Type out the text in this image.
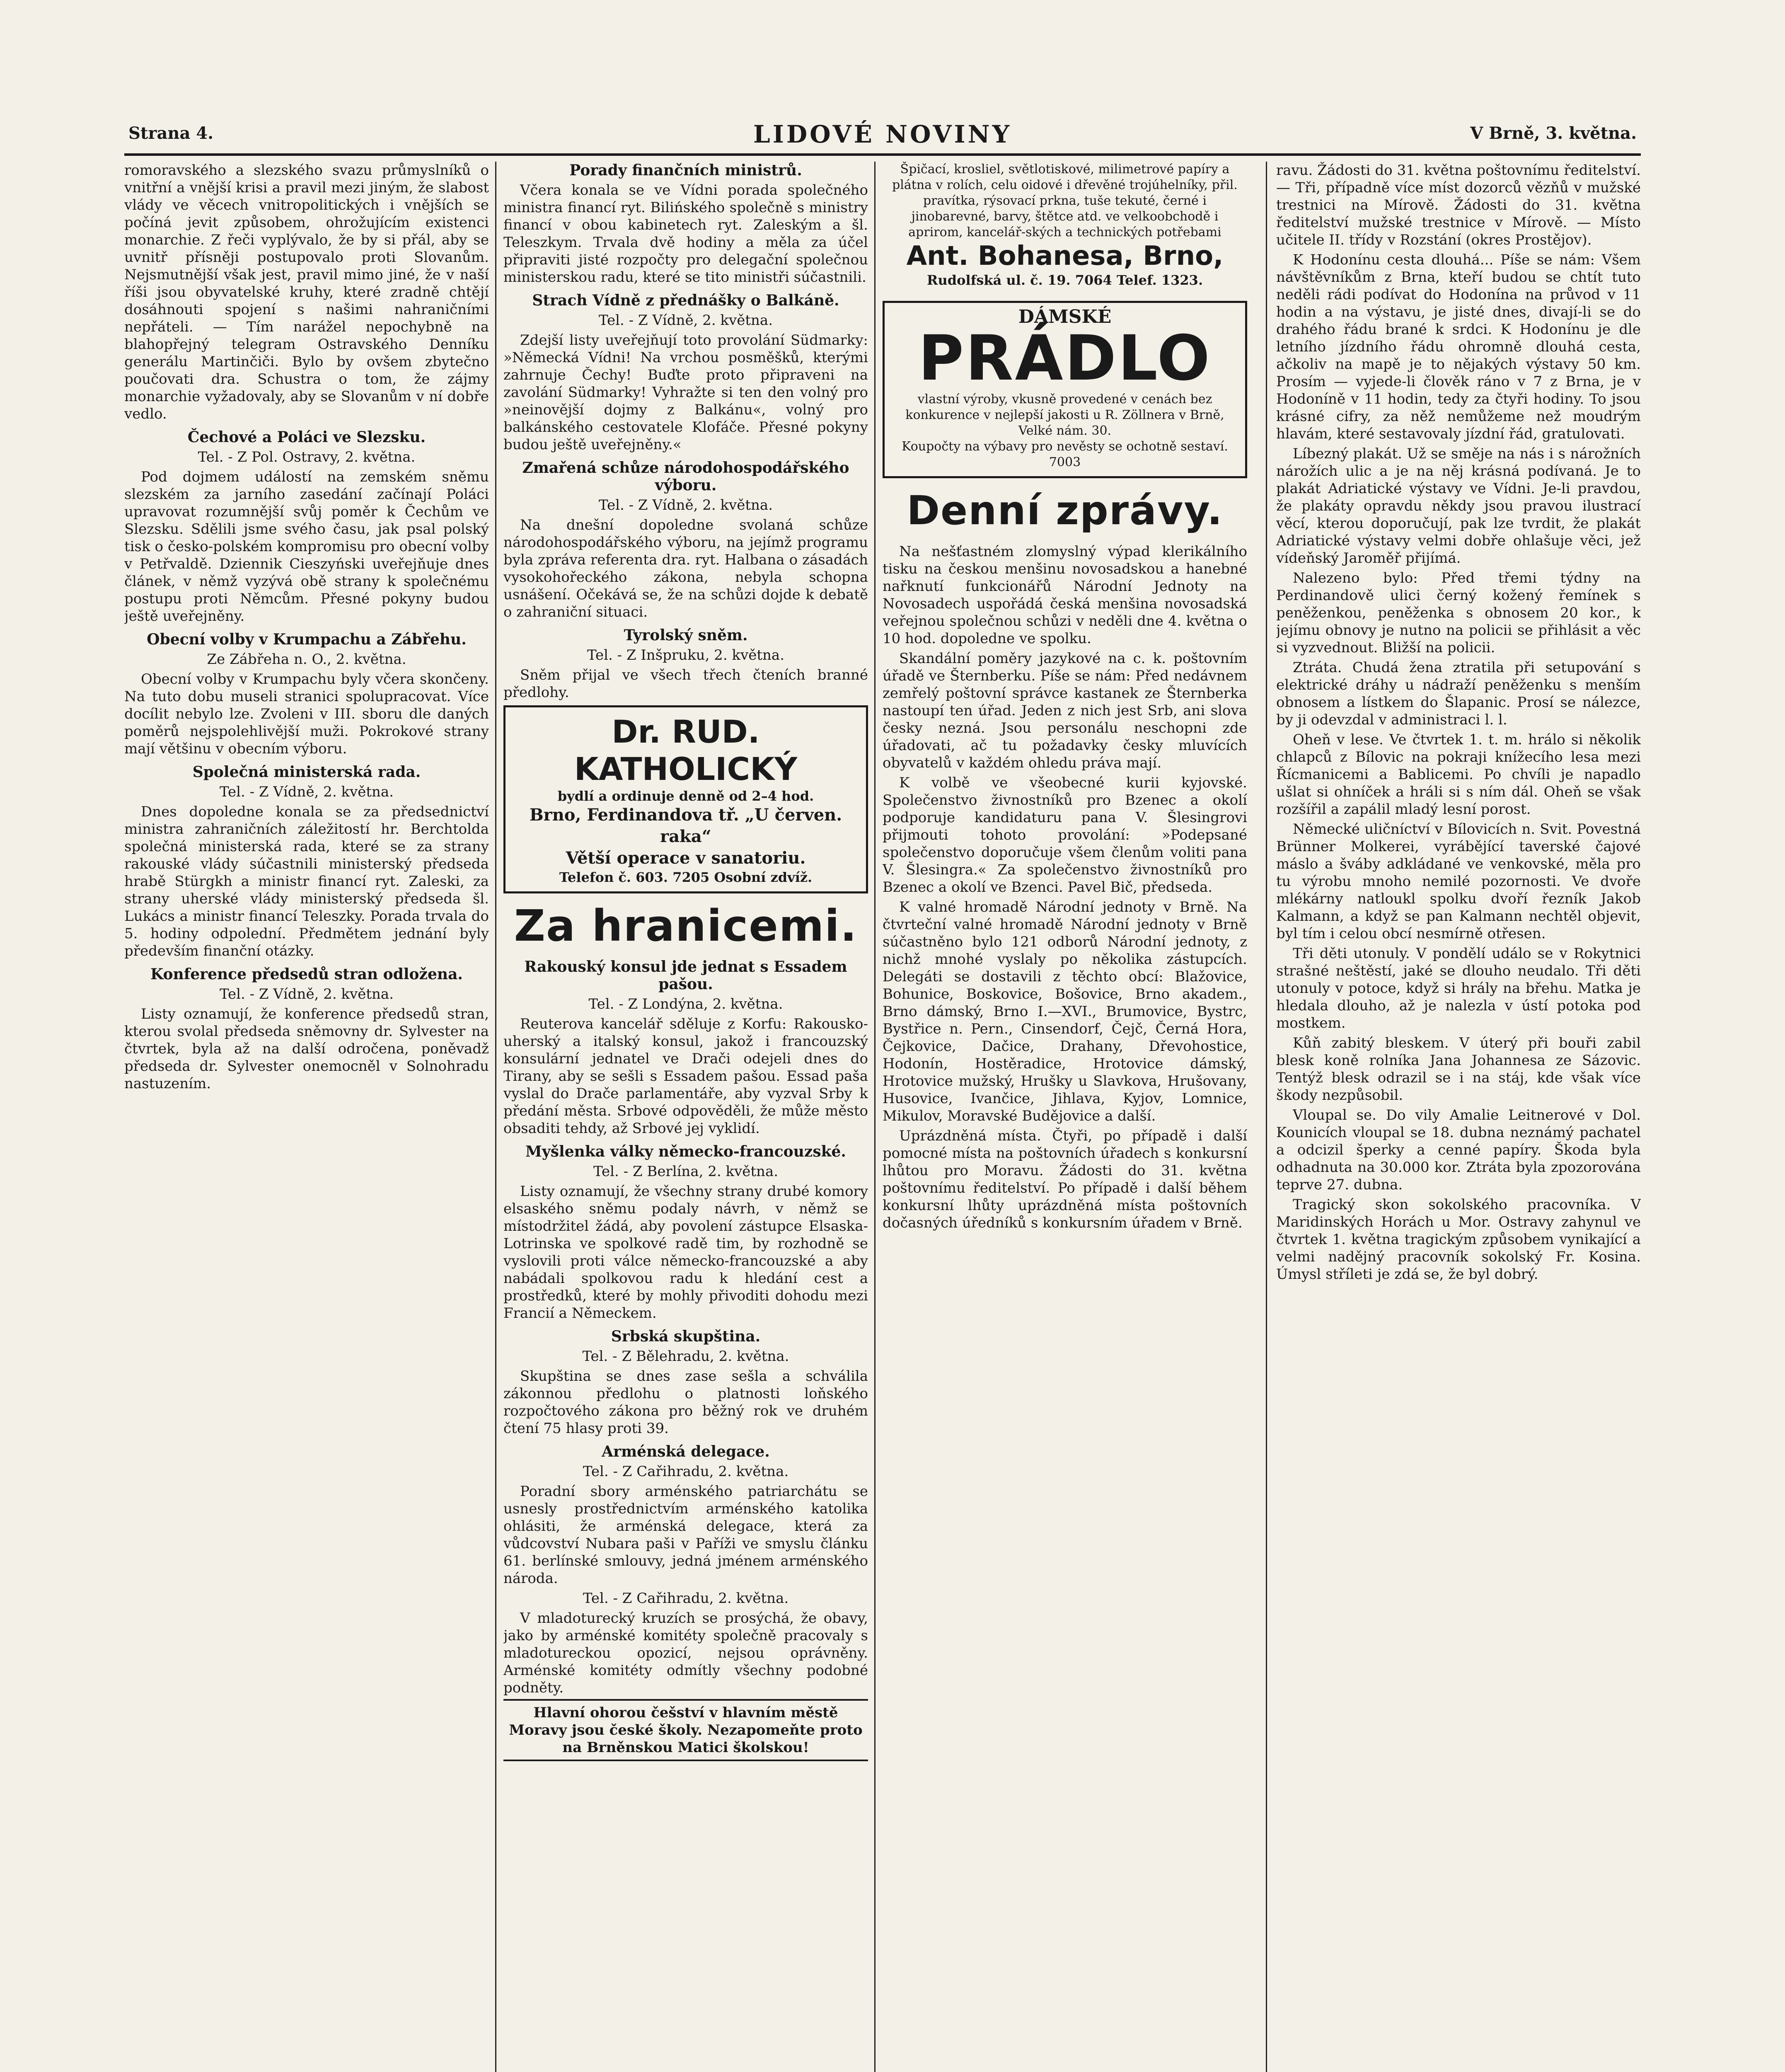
Strana 4.	LIDOVÉ NOVINY	V Brně, 3. května.

romoravského a slezského svazu průmyslníků o vnitřní a vnější krisi a pravil mezi jiným, že slabost vlády ve věcech vnitropolitických i vnějších se počíná jevit způsobem, ohrožujícím existenci monarchie. Z řeči vyplývalo, že by si přál, aby se uvnitř přísněji postupovalo proti Slovanům. Nejsmutnější však jest, pravil mimo jiné, že v naší říši jsou obyvatelské kruhy, které zradně chtějí dosáhnouti spojení s našimi nahraničními nepřáteli. — Tím narážel nepochybně na blahopřejný telegram Ostravského Denníku generálu Martinčiči. Bylo by ovšem zbytečno poučovati dra. Schustra o tom, že zájmy monarchie vyžadovaly, aby se Slovanům v ní dobře vedlo.

Čechové a Poláci ve Slezsku.
Tel. - Z Pol. Ostravy, 2. května.

Pod dojmem událostí na zemském sněmu slezském za jarního zasedání začínají Poláci upravovat rozumnější svůj poměr k Čechům ve Slezsku. Sdělili jsme svého času, jak psal polský tisk o česko-polském kompromisu pro obecní volby v Petřvaldě. Dziennik Cieszyński uveřejňuje dnes článek, v němž vyzývá obě strany k společnému postupu proti Němcům. Přesné pokyny budou ještě uveřejněny.

Obecní volby v Krumpachu a Zábřehu.
Ze Zábřeha n. O., 2. května.

Obecní volby v Krumpachu byly včera skončeny. Na tuto dobu museli stranici spolupracovat. Více docílit nebylo lze. Zvoleni v III. sboru dle daných poměrů nejspolehlivější muži. Pokrokové strany mají většinu v obecním výboru.

Společná ministerská rada.
Tel. - Z Vídně, 2. května.

Dnes dopoledne konala se za předsednictví ministra zahraničních záležitostí hr. Berchtolda společná ministerská rada, které se za strany rakouské vlády súčastnili ministerský předseda hrabě Stürgkh a ministr financí ryt. Zaleski, za strany uherské vlády ministerský předseda šl. Lukács a ministr financí Teleszky. Porada trvala do 5. hodiny odpolední. Předmětem jednání byly především finanční otázky.

Konference předsedů stran odložena.
Tel. - Z Vídně, 2. května.

Listy oznamují, že konference předsedů stran, kterou svolal předseda sněmovny dr. Sylvester na čtvrtek, byla až na další odročena, poněvadž předseda dr. Sylvester onemocněl v Solnohradu nastuzením.

Porady finančních ministrů.

Včera konala se ve Vídni porada společného ministra financí ryt. Bilińského společně s ministry financí v obou kabinetech ryt. Zaleským a šl. Teleszkym. Trvala dvě hodiny a měla za účel připraviti jisté rozpočty pro delegační společnou ministerskou radu, které se tito ministři súčastnili.

Strach Vídně z přednášky o Balkáně.
Tel. - Z Vídně, 2. května.

Zdejší listy uveřejňují toto provolání Südmarky: »Německá Vídni! Na vrchou posměšků, kterými zahrnuje Čechy! Buďte proto připraveni na zavolání Südmarky! Vyhražte si ten den volný pro »neinovější dojmy z Balkánu«, volný pro balkánského cestovatele Klofáče. Přesné pokyny budou ještě uveřejněny.«

Zmařená schůze národohospodářského výboru.
Tel. - Z Vídně, 2. května.

Na dnešní dopoledne svolaná schůze národohospodářského výboru, na jejímž programu byla zpráva referenta dra. ryt. Halbana o zásadách vysokohořeckého zákona, nebyla schopna usnášení. Očekává se, že na schůzi dojde k debatě o zahraniční situaci.

Tyrolský sněm.
Tel. - Z Inšpruku, 2. května.

Sněm přijal ve všech třech čteních branné předlohy.

Dr. RUD. KATHOLICKÝ
bydlí a ordinuje denně od 2–4 hod.
Brno, Ferdinandova tř. „U červen. raka“
Větší operace v sanatoriu.
Telefon č. 603. 7205 Osobní zdvíž.
Za hranicemi.
Rakouský konsul jde jednat s Essadem pašou.
Tel. - Z Londýna, 2. května.

Reuterova kancelář sděluje z Korfu: Rakousko-uherský a italský konsul, jakož i francouzský konsulární jednatel ve Drači odejeli dnes do Tirany, aby se sešli s Essadem pašou. Essad paša vyslal do Drače parlamentáře, aby vyzval Srby k předání města. Srbové odpověděli, že může město obsaditi tehdy, až Srbové jej vyklidí.

Myšlenka války německo-francouzské.
Tel. - Z Berlína, 2. května.

Listy oznamují, že všechny strany drubé komory elsaského sněmu podaly návrh, v němž se místodržitel žádá, aby povolení zástupce Elsaska-Lotrinska ve spolkové radě tim, by rozhodně se vyslovili proti válce německo-francouzské a aby nabádali spolkovou radu k hledání cest a prostředků, které by mohly přivoditi dohodu mezi Francií a Německem.

Srbská skupština.
Tel. - Z Bělehradu, 2. května.

Skupština se dnes zase sešla a schválila zákonnou předlohu o platnosti loňského rozpočtového zákona pro běžný rok ve druhém čtení 75 hlasy proti 39.

Arménská delegace.
Tel. - Z Cařihradu, 2. května.

Poradní sbory arménského patriarchátu se usnesly prostřednictvím arménského katolika ohlásiti, že arménská delegace, která za vůdcovství Nubara paši v Paříži ve smyslu článku 61. berlínské smlouvy, jedná jménem arménského národa.

Tel. - Z Cařihradu, 2. května.

V mladoturecký kruzích se prosýchá, že obavy, jako by arménské komitéty společně pracovaly s mladotureckou opozicí, nejsou oprávněny. Arménské komitéty odmítly všechny podobné podněty.

Hlavní ohorou češství v hlavním městě Moravy jsou české školy. Nezapomeňte proto na Brněnskou Matici školskou!
Špičací, krosliel, světlotiskové, milimetrové papíry a plátna v rolích, celu oidové i dřevěné trojúhelníky, přil. pravítka, rýsovací prkna, tuše tekuté, černé i jinobarevné, barvy, štětce atd. ve velkoobchodě i aprirom, kancelář-ských a technických potřebami
Ant. Bohanesa, Brno,
Rudolfská ul. č. 19. 7064 Telef. 1323.
DÁMSKÉ
PRÁDLO
vlastní výroby, vkusně provedené v cenách bez konkurence v nejlepší jakosti u R. Zöllnera v Brně, Velké nám. 30.
Koupočty na výbavy pro nevěsty se ochotně sestaví. 7003
Denní zprávy.

Na nešťastném zlomyslný výpad klerikálního tisku na českou menšinu novosadskou a hanebné nařknutí funkcionářů Národní Jednoty na Novosadech uspořádá česká menšina novosadská veřejnou společnou schůzi v neděli dne 4. května o 10 hod. dopoledne ve spolku.

Skandální poměry jazykové na c. k. poštovním úřadě ve Šternberku. Píše se nám: Před nedávnem zemřelý poštovní správce kastanek ze Šternberka nastoupí ten úřad. Jeden z nich jest Srb, ani slova česky nezná. Jsou personálu neschopni zde úřadovati, ač tu požadavky česky mluvících obyvatelů v každém ohledu práva mají.

K volbě ve všeobecné kurii kyjovské. Společenstvo živnostníků pro Bzenec a okolí podporuje kandidaturu pana V. Šlesingrovi přijmouti tohoto provolání: »Podepsané společenstvo doporučuje všem členům voliti pana V. Šlesingra.« Za společenstvo živnostníků pro Bzenec a okolí ve Bzenci. Pavel Bič, předseda.

K valné hromadě Národní jednoty v Brně. Na čtvrteční valné hromadě Národní jednoty v Brně súčastněno bylo 121 odborů Národní jednoty, z nichž mnohé vyslaly po několika zástupcích. Delegáti se dostavili z těchto obcí: Blažovice, Bohunice, Boskovice, Bošovice, Brno akadem., Brno dámský, Brno I.—XVI., Brumovice, Bystrc, Bystřice n. Pern., Cinsendorf, Čejč, Černá Hora, Čejkovice, Dačice, Drahany, Dřevohostice, Hodonín, Hostěradice, Hrotovice dámský, Hrotovice mužský, Hrušky u Slavkova, Hrušovany, Husovice, Ivančice, Jihlava, Kyjov, Lomnice, Mikulov, Moravské Budějovice a další.

Uprázdněná místa. Čtyři, po případě i další pomocné místa na poštovních úřadech s konkursní lhůtou pro Moravu. Žádosti do 31. května poštovnímu ředitelství. Po případě i další během konkursní lhůty uprázdněná místa poštovních dočasných úředníků s konkursním úřadem v Brně.

ravu. Žádosti do 31. května poštovnímu ředitelství. — Tři, případně více míst dozorců vězňů v mužské trestnici na Mírově. Žádosti do 31. května ředitelství mužské trestnice v Mírově. — Místo učitele II. třídy v Rozstání (okres Prostějov).

K Hodonínu cesta dlouhá... Píše se nám: Všem návštěvníkům z Brna, kteří budou se chtít tuto neděli rádi podívat do Hodonína na průvod v 11 hodin a na výstavu, je jisté dnes, divají-li se do drahého řádu brané k srdci. K Hodonínu je dle letního jízdního řádu ohromně dlouhá cesta, ačkoliv na mapě je to nějakých výstavy 50 km. Prosím — vyjede-li člověk ráno v 7 z Brna, je v Hodoníně v 11 hodin, tedy za čtyři hodiny. To jsou krásné cifry, za něž nemůžeme než moudrým hlavám, které sestavovaly jízdní řád, gratulovati.

Líbezný plakát. Už se směje na nás i s nárožních nárožích ulic a je na něj krásná podívaná. Je to plakát Adriatické výstavy ve Vídni. Je-li pravdou, že plakáty opravdu někdy jsou pravou ilustrací věcí, kterou doporučují, pak lze tvrdit, že plakát Adriatické výstavy velmi dobře ohlašuje věci, jež vídeňský Jaroměř přijímá.

Nalezeno bylo: Před třemi týdny na Perdinandově ulici černý kožený řemínek s peněženkou, peněženka s obnosem 20 kor., k jejímu obnovy je nutno na policii se přihlásit a věc si vyzvednout. Bližší na policii.

Ztráta. Chudá žena ztratila při setupování s elektrické dráhy u nádraží peněženku s menším obnosem a lístkem do Šlapanic. Prosí se nálezce, by ji odevzdal v administraci l. l.

Oheň v lese. Ve čtvrtek 1. t. m. hrálo si několik chlapců z Bílovic na pokraji knížecího lesa mezi Řícmanicemi a Bablicemi. Po chvíli je napadlo ušlat si ohníček a hráli si s ním dál. Oheň se však rozšířil a zapálil mladý lesní porost.

Německé uličníctví v Bílovicích n. Svit. Povestná Brünner Molkerei, vyrábějící taverské čajové máslo a šváby adkládané ve venkovské, měla pro tu výrobu mnoho nemilé pozornosti. Ve dvoře mlékárny natloukl spolku dvoří řezník Jakob Kalmann, a když se pan Kalmann nechtěl objevit, byl tím i celou obcí nesmírně otřesen.

Tři děti utonuly. V pondělí událo se v Rokytnici strašné neštěstí, jaké se dlouho neudalo. Tři děti utonuly v potoce, když si hrály na břehu. Matka je hledala dlouho, až je nalezla v ústí potoka pod mostkem.

Kůň zabitý bleskem. V úterý při bouři zabil blesk koně rolníka Jana Johannesa ze Sázovic. Tentýž blesk odrazil se i na stáj, kde však více škody nezpůsobil.

Vloupal se. Do vily Amalie Leitnerové v Dol. Kounicích vloupal se 18. dubna neznámý pachatel a odcizil šperky a cenné papíry. Škoda byla odhadnuta na 30.000 kor. Ztráta byla zpozorována teprve 27. dubna.

Tragický skon sokolského pracovníka. V Maridinských Horách u Mor. Ostravy zahynul ve čtvrtek 1. května tragickým způsobem vynikající a velmi nadějný pracovník sokolský Fr. Kosina. Úmysl stříleti je zdá se, že byl dobrý.
